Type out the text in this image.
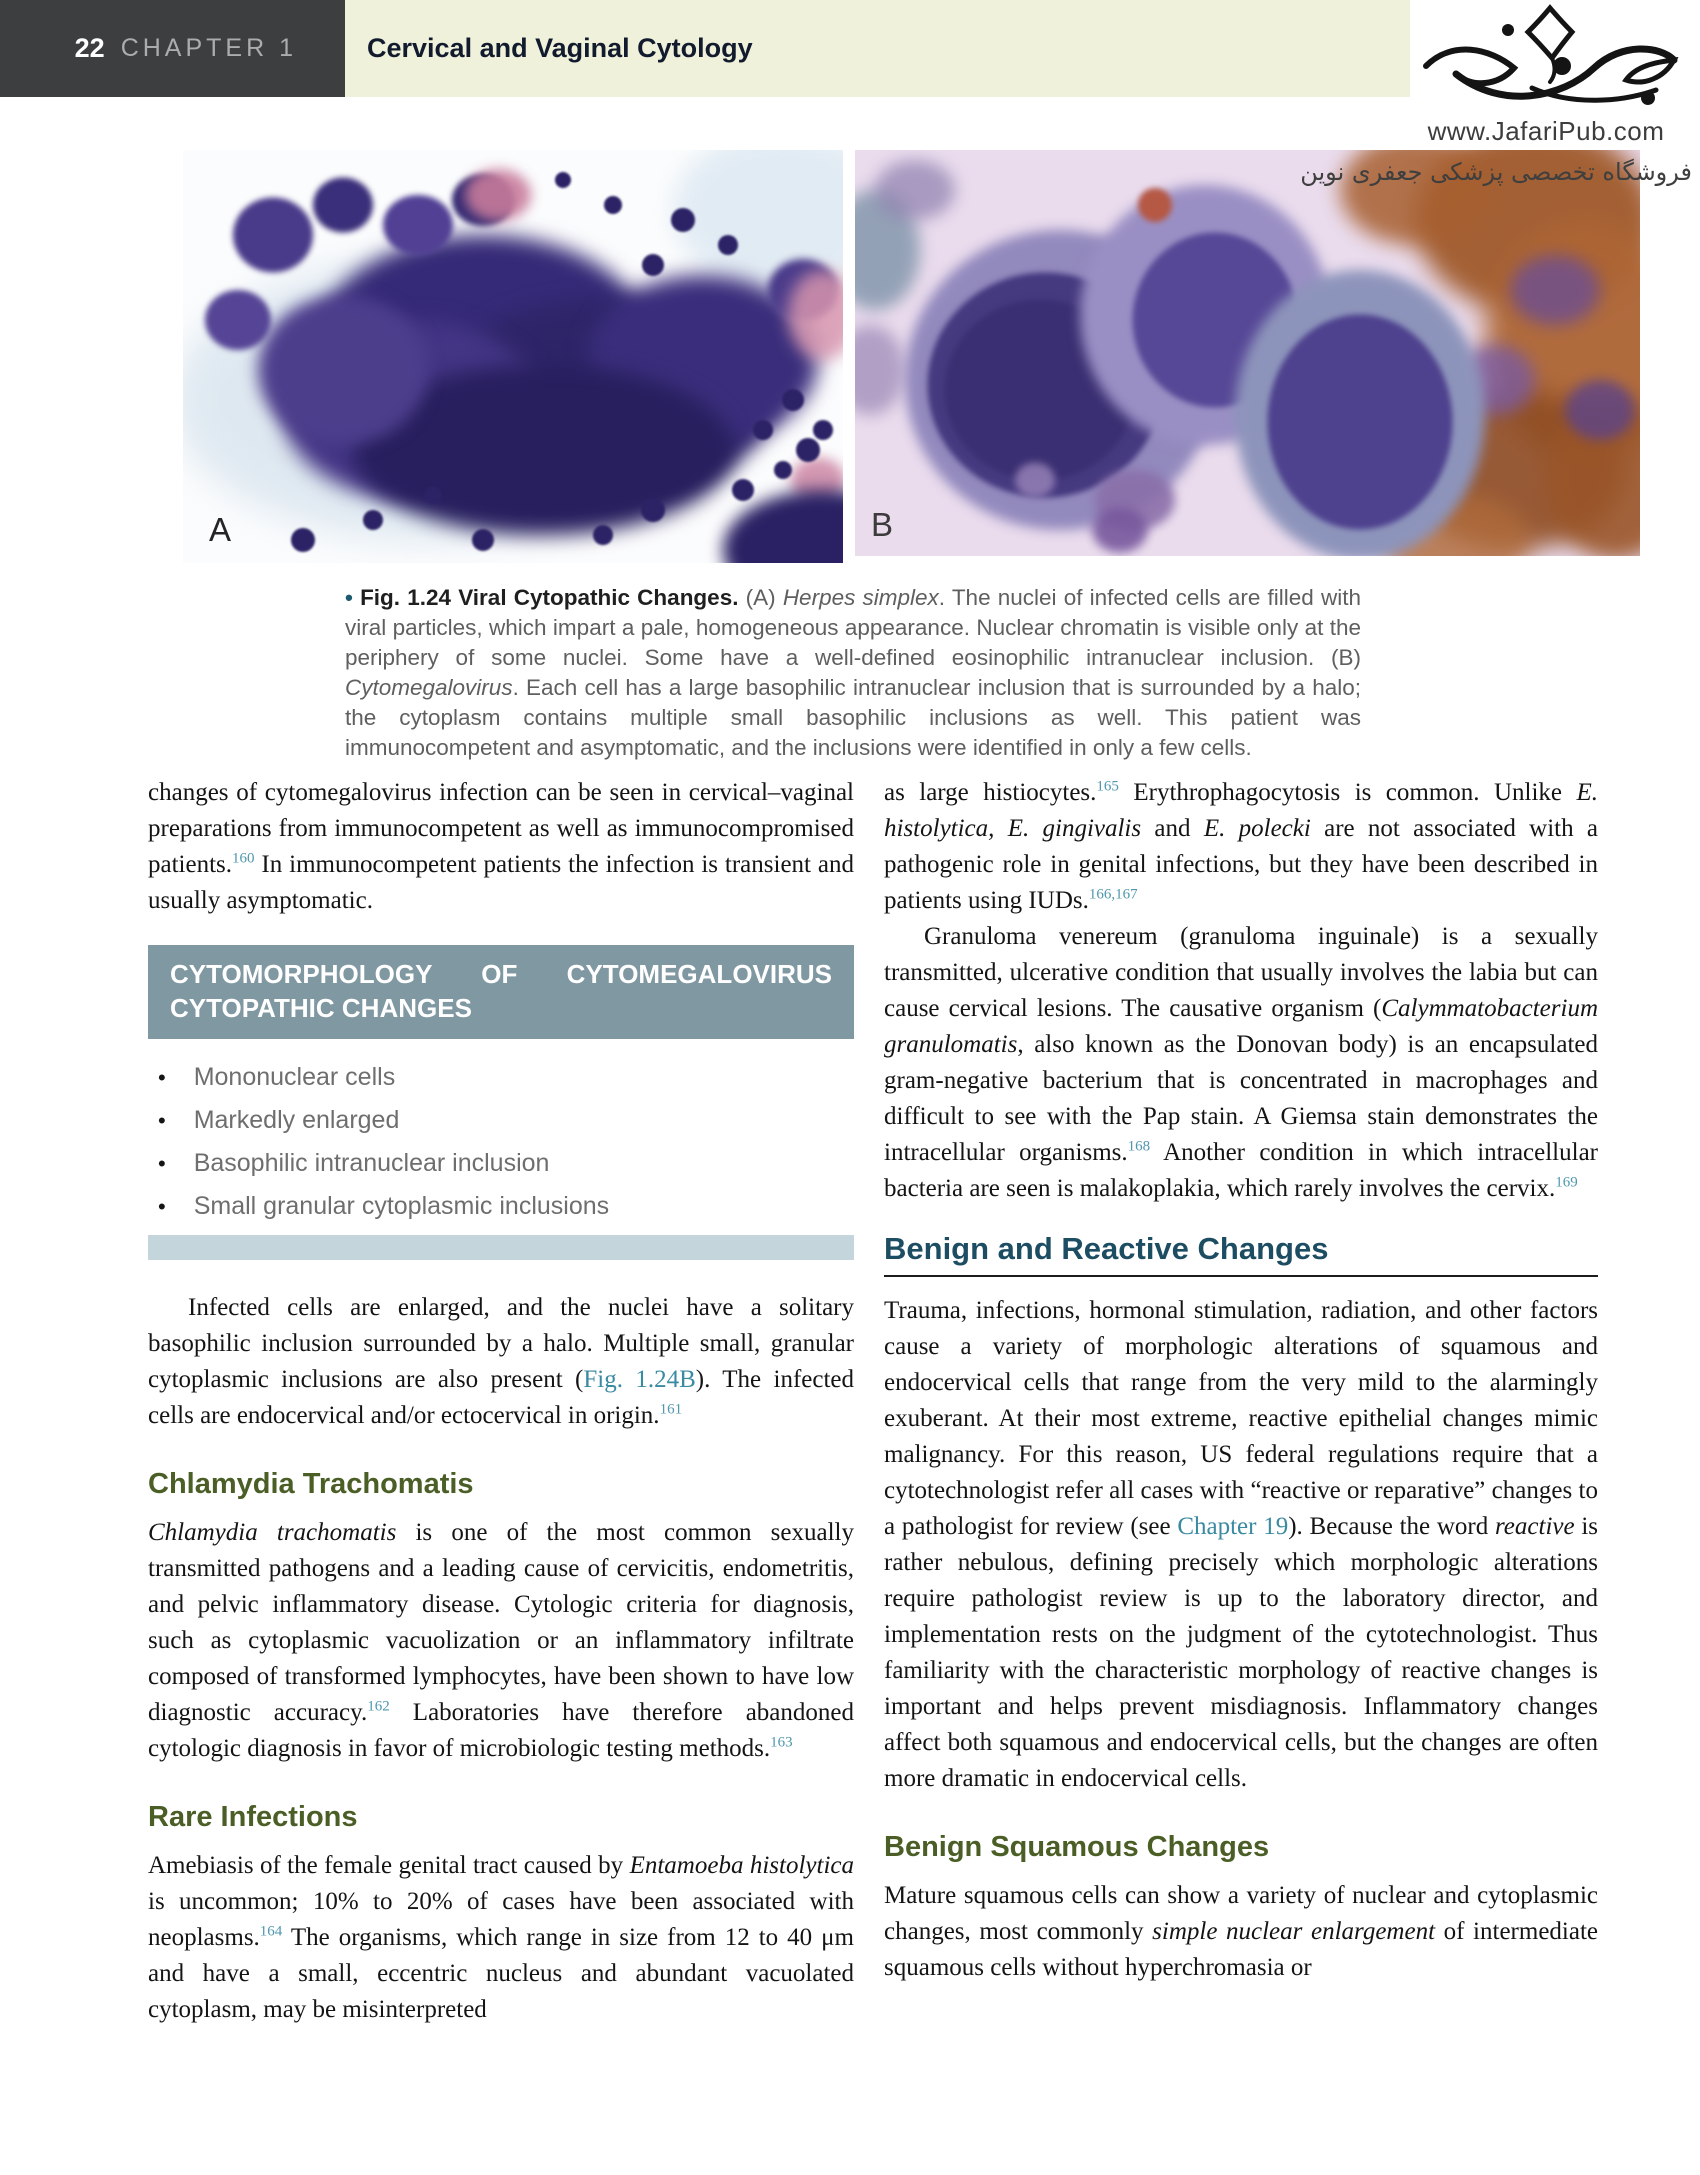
22 CHAPTER 1	Cervical and Vaginal Cytology
www.JafariPub.com
فروشگاه تخصصی پزشکی جعفری نوین
A	B
• Fig. 1.24 Viral Cytopathic Changes. (A) Herpes simplex. The nuclei of infected cells are filled with viral particles, which impart a pale, homogeneous appearance. Nuclear chromatin is visible only at the periphery of some nuclei. Some have a well-defined eosinophilic intranuclear inclusion. (B) Cytomegalovirus. Each cell has a large basophilic intranuclear inclusion that is surrounded by a halo; the cytoplasm contains multiple small basophilic inclusions as well. This patient was immunocompetent and asymptomatic, and the inclusions were identified in only a few cells.

changes of cytomegalovirus infection can be seen in cervical–vaginal preparations from immunocompetent as well as immunocompromised patients.$^{160}$ In immunocompetent patients the infection is transient and usually asymptomatic.

CYTOMORPHOLOGY OF CYTOMEGALOVIRUS CYTOPATHIC CHANGES
• Mononuclear cells
• Markedly enlarged
• Basophilic intranuclear inclusion
• Small granular cytoplasmic inclusions

Infected cells are enlarged, and the nuclei have a solitary basophilic inclusion surrounded by a halo. Multiple small, granular cytoplasmic inclusions are also present (Fig. 1.24B). The infected cells are endocervical and/or ectocervical in origin.$^{161}$

Chlamydia Trachomatis

Chlamydia trachomatis is one of the most common sexually transmitted pathogens and a leading cause of cervicitis, endometritis, and pelvic inflammatory disease. Cytologic criteria for diagnosis, such as cytoplasmic vacuolization or an inflammatory infiltrate composed of transformed lymphocytes, have been shown to have low diagnostic accuracy.$^{162}$ Laboratories have therefore abandoned cytologic diagnosis in favor of microbiologic testing methods.$^{163}$

Rare Infections

Amebiasis of the female genital tract caused by Entamoeba histolytica is uncommon; 10% to 20% of cases have been associated with neoplasms.$^{164}$ The organisms, which range in size from 12 to 40 μm and have a small, eccentric nucleus and abundant vacuolated cytoplasm, may be misinterpreted

as large histiocytes.$^{165}$ Erythrophagocytosis is common. Unlike E. histolytica, E. gingivalis and E. polecki are not associated with a pathogenic role in genital infections, but they have been described in patients using IUDs.$^{166,167}$

Granuloma venereum (granuloma inguinale) is a sexually transmitted, ulcerative condition that usually involves the labia but can cause cervical lesions. The causative organism (Calymmatobacterium granulomatis, also known as the Donovan body) is an encapsulated gram-negative bacterium that is concentrated in macrophages and difficult to see with the Pap stain. A Giemsa stain demonstrates the intracellular organisms.$^{168}$ Another condition in which intracellular bacteria are seen is malakoplakia, which rarely involves the cervix.$^{169}$

Benign and Reactive Changes

Trauma, infections, hormonal stimulation, radiation, and other factors cause a variety of morphologic alterations of squamous and endocervical cells that range from the very mild to the alarmingly exuberant. At their most extreme, reactive epithelial changes mimic malignancy. For this reason, US federal regulations require that a cytotechnologist refer all cases with “reactive or reparative” changes to a pathologist for review (see Chapter 19). Because the word reactive is rather nebulous, defining precisely which morphologic alterations require pathologist review is up to the laboratory director, and implementation rests on the judgment of the cytotechnologist. Thus familiarity with the characteristic morphology of reactive changes is important and helps prevent misdiagnosis. Inflammatory changes affect both squamous and endocervical cells, but the changes are often more dramatic in endocervical cells.

Benign Squamous Changes

Mature squamous cells can show a variety of nuclear and cytoplasmic changes, most commonly simple nuclear enlargement of intermediate squamous cells without hyperchromasia or
